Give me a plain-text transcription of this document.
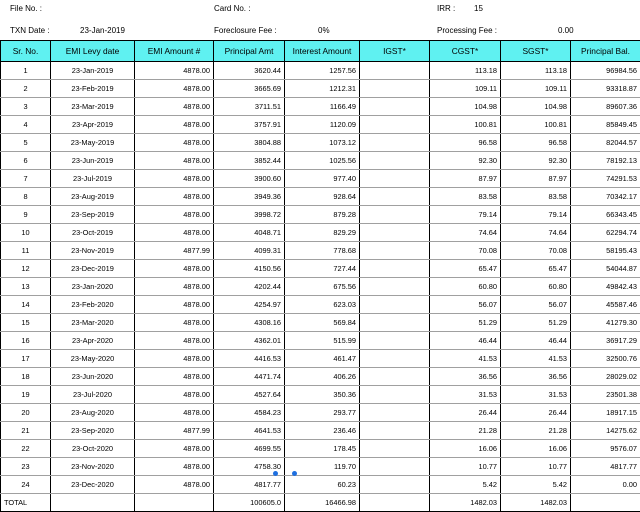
File No. :	Card No. :	IRR : 15
TXN Date :	23-Jan-2019	Foreclosure Fee :	0%	Processing Fee :	0.00
Sr. No.	EMI Levy date	EMI Amount #	Principal Amt	Interest Amount	IGST*	CGST*	SGST*	Principal Bal.
1	23-Jan-2019	4878.00	3620.44	1257.56		113.18	113.18	96984.56
2	23-Feb-2019	4878.00	3665.69	1212.31		109.11	109.11	93318.87
3	23-Mar-2019	4878.00	3711.51	1166.49		104.98	104.98	89607.36
4	23-Apr-2019	4878.00	3757.91	1120.09		100.81	100.81	85849.45
5	23-May-2019	4878.00	3804.88	1073.12		96.58	96.58	82044.57
6	23-Jun-2019	4878.00	3852.44	1025.56		92.30	92.30	78192.13
7	23-Jul-2019	4878.00	3900.60	977.40		87.97	87.97	74291.53
8	23-Aug-2019	4878.00	3949.36	928.64		83.58	83.58	70342.17
9	23-Sep-2019	4878.00	3998.72	879.28		79.14	79.14	66343.45
10	23-Oct-2019	4878.00	4048.71	829.29		74.64	74.64	62294.74
11	23-Nov-2019	4877.99	4099.31	778.68		70.08	70.08	58195.43
12	23-Dec-2019	4878.00	4150.56	727.44		65.47	65.47	54044.87
13	23-Jan-2020	4878.00	4202.44	675.56		60.80	60.80	49842.43
14	23-Feb-2020	4878.00	4254.97	623.03		56.07	56.07	45587.46
15	23-Mar-2020	4878.00	4308.16	569.84		51.29	51.29	41279.30
16	23-Apr-2020	4878.00	4362.01	515.99		46.44	46.44	36917.29
17	23-May-2020	4878.00	4416.53	461.47		41.53	41.53	32500.76
18	23-Jun-2020	4878.00	4471.74	406.26		36.56	36.56	28029.02
19	23-Jul-2020	4878.00	4527.64	350.36		31.53	31.53	23501.38
20	23-Aug-2020	4878.00	4584.23	293.77		26.44	26.44	18917.15
21	23-Sep-2020	4877.99	4641.53	236.46		21.28	21.28	14275.62
22	23-Oct-2020	4878.00	4699.55	178.45		16.06	16.06	9576.07
23	23-Nov-2020	4878.00	4758.30	119.70		10.77	10.77	4817.77
24	23-Dec-2020	4878.00	4817.77	60.23		5.42	5.42	0.00
TOTAL			100605.0	16466.98		1482.03	1482.03	
